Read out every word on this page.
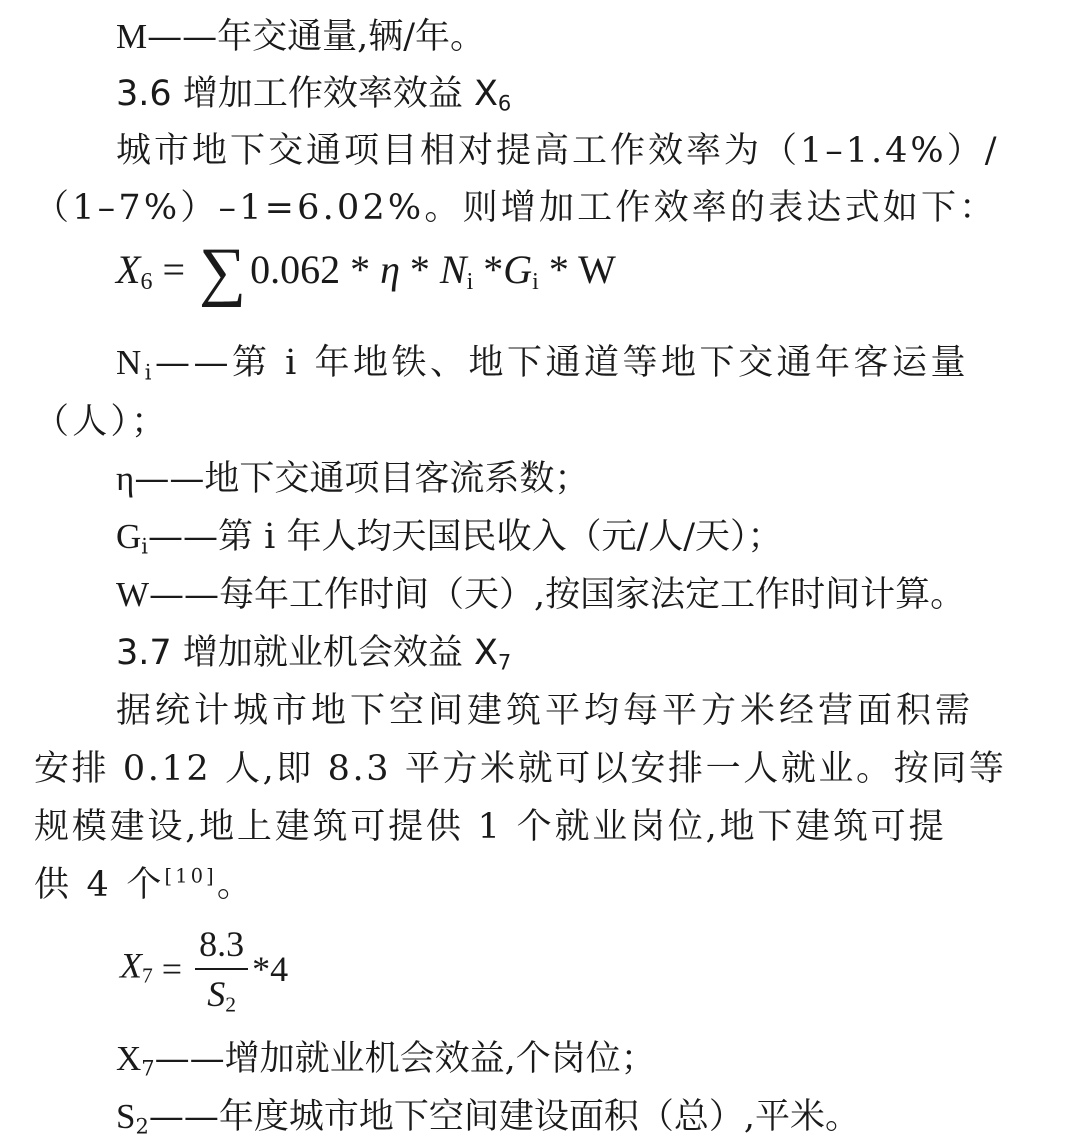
M——年交通量,辆/年。
3.6 增加工作效率效益 $X_6$
城市地下交通项目相对提高工作效率为（1–1.4%）/
（1–7%）–1=6.02%。则增加工作效率的表达式如下：
$X_6$ = ∑ 0.062 * η * $N_i$ $*G_i$ * W
$N_i——$第 i 年地铁、地下通道等地下交通年客运量
（人）；
η——地下交通项目客流系数；
$G_i——$第 i 年人均天国民收入（元/人/天）；
W——每年工作时间（天）,按国家法定工作时间计算。
3.7 增加就业机会效益 $X_7$
据统计城市地下空间建筑平均每平方米经营面积需
安排 0.12 人,即 8.3 平方米就可以安排一人就业。按同等
规模建设,地上建筑可提供 1 个就业岗位,地下建筑可提
供 4 个[10]。
$X_7 = \frac{8.3}{S_2} *4$
$X_7——$增加就业机会效益,个岗位；
$S_2——$年度城市地下空间建设面积（总）,平米。
